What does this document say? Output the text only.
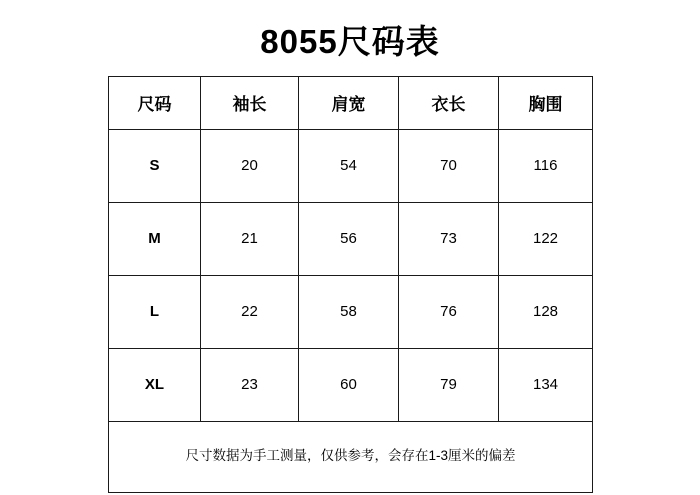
8055尺码表
尺码	袖长	肩宽	衣长	胸围
S	20	54	70	116
M	21	56	73	122
L	22	58	76	128
XL	23	60	79	134
尺寸数据为手工测量，仅供参考，会存在1-3厘米的偏差				
